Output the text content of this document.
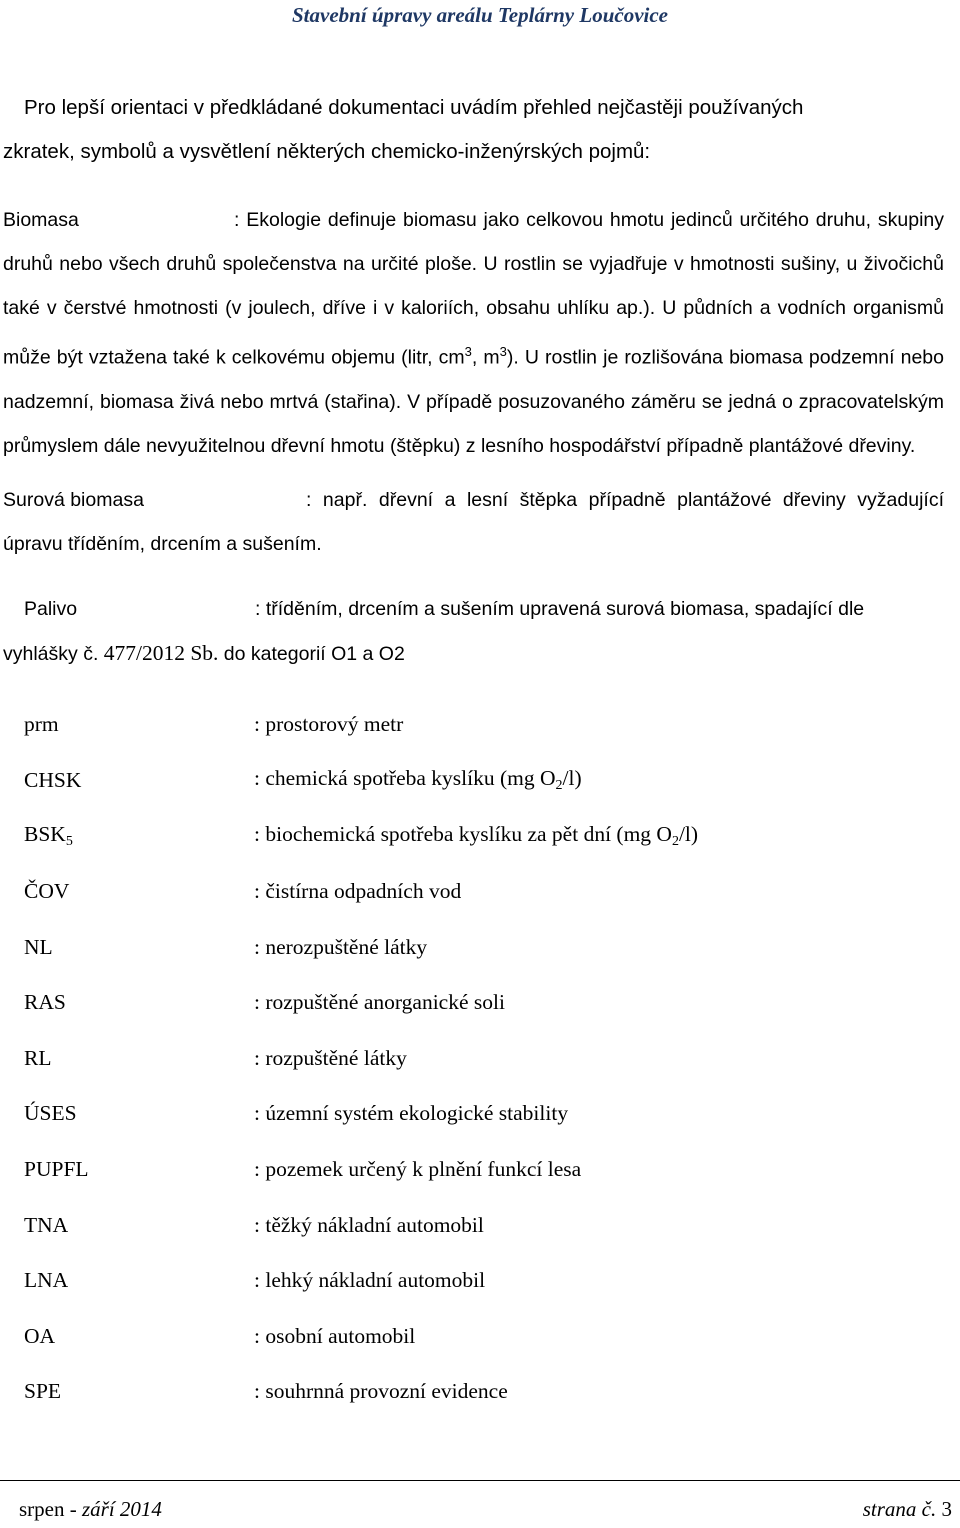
Stavební úpravy areálu Teplárny Loučovice
Pro lepší orientaci v předkládané dokumentaci uvádím přehled nejčastěji používaných
zkratek, symbolů a vysvětlení některých chemicko-inženýrských pojmů:
Biomasa	: Ekologie definuje biomasu jako celkovou hmotu jedinců určitého druhu, skupiny druhů nebo všech druhů společenstva na určité ploše. U rostlin se vyjadřuje v hmotnosti sušiny, u živočichů také v čerstvé hmotnosti (v joulech, dříve i v kaloriích, obsahu uhlíku ap.). U půdních a vodních organismů může být vztažena také k celkovému objemu (litr, $cm^3$, $m^3$). U rostlin je rozlišována biomasa podzemní nebo nadzemní, biomasa živá nebo mrtvá (stařina). V případě posuzovaného záměru se jedná o zpracovatelským průmyslem dále nevyužitelnou dřevní hmotu (štěpku) z lesního hospodářství případně plantážové dřeviny.
Surová biomasa	: např. dřevní a lesní štěpka případně plantážové dřeviny vyžadující úpravu tříděním, drcením a sušením.
Palivo	: tříděním, drcením a sušením upravená surová biomasa, spadající dle
vyhlášky č. 477/2012 Sb. do kategorií O1 a O2
prm	: prostorový metr
CHSK	: chemická spotřeba kyslíku (mg $O_2/l$)
$BSK_5$	: biochemická spotřeba kyslíku za pět dní (mg $O_2/l$)
ČOV	: čistírna odpadních vod
NL	: nerozpuštěné látky
RAS	: rozpuštěné anorganické soli
RL	: rozpuštěné látky
ÚSES	: územní systém ekologické stability
PUPFL	: pozemek určený k plnění funkcí lesa
TNA	: těžký nákladní automobil
LNA	: lehký nákladní automobil
OA	: osobní automobil
SPE	: souhrnná provozní evidence
srpen - září 2014	strana č. 3
